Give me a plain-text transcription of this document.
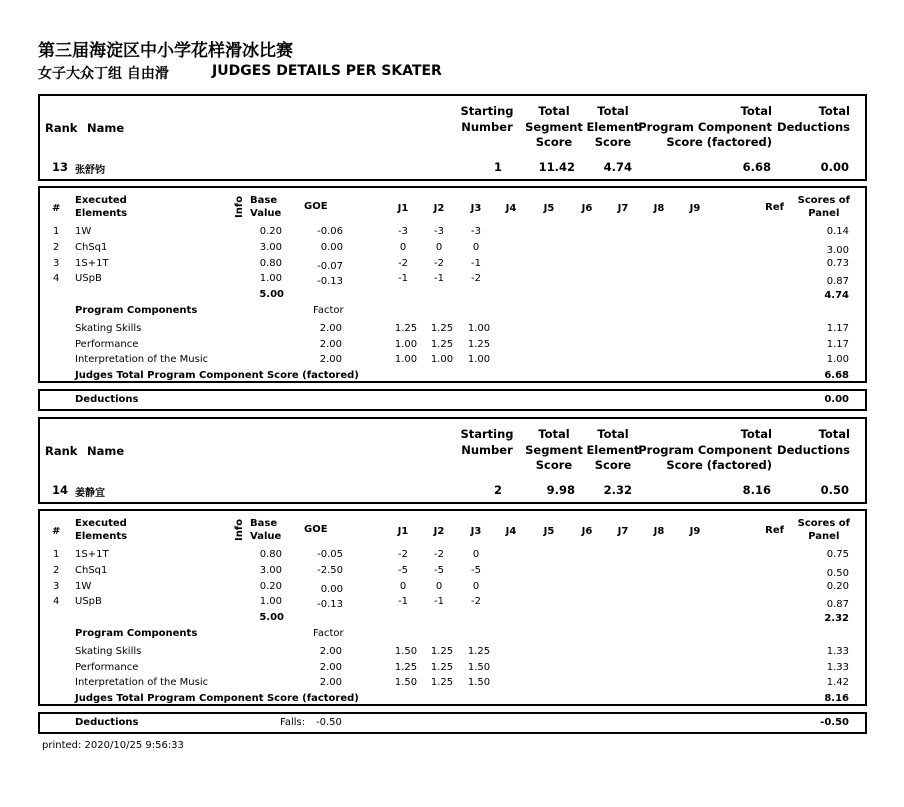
第三届海淀区中小学花样滑冰比赛
女子大众丁组 自由滑	JUDGES DETAILS PER SKATER
Rank Name
Starting
Number
Total
Segment
Score
Total
Element
Score
Total
Program Component
Score (factored)
Total
Deductions
13 张舒钧	1	11.42 4.74	6.68	0.00
#
Executed
Elements	Info Base
Value
GOE	J1	J2	J3	J4	J5	J6	J7	J8	J9	Ref
Scores of
Panel
1 1W	0.20	-0.06	-3	-3	-3	0.14
2 ChSq1	3.00	0.00	0	0	0	3.00
3 1S+1T	0.80	-0.07	-2	-2	-1	0.73
4 USpB	1.00	-0.13	-1	-1	-2	0.87
5.00	4.74
Program Components	Factor
Skating Skills	2.00	1.25	1.25	1.00	1.17
Performance	2.00	1.00	1.25	1.25	1.17
Interpretation of the Music	2.00	1.00	1.00	1.00	1.00
Judges Total Program Component Score (factored)	6.68
Deductions	0.00
Rank Name
Starting
Number
Total
Segment
Score
Total
Element
Score
Total
Program Component
Score (factored)
Total
Deductions
14 姜静宜	2	9.98 2.32	8.16	0.50
#
Executed
Elements	Info Base
Value
GOE	J1	J2	J3	J4	J5	J6	J7	J8	J9	Ref
Scores of
Panel
1 1S+1T	0.80	-0.05	-2	-2	0	0.75
2 ChSq1	3.00	-2.50	-5	-5	-5	0.50
3 1W	0.20	0.00	0	0	0	0.20
4 USpB	1.00	-0.13	-1	-1	-2	0.87
5.00	2.32
Program Components	Factor
Skating Skills	2.00	1.50	1.25	1.25	1.33
Performance	2.00	1.25	1.25	1.50	1.33
Interpretation of the Music	2.00	1.50	1.25	1.50	1.42
Judges Total Program Component Score (factored)	8.16
Deductions	Falls: -0.50	-0.50
printed: 2020/10/25 9:56:33
